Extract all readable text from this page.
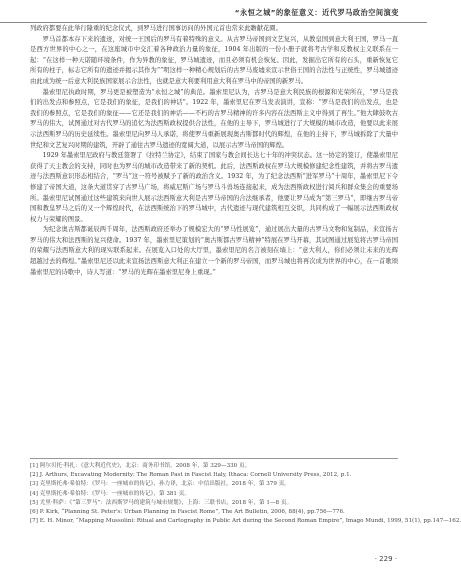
“永恒之城”的象征意义：近代罗马政治空间演变

列政府都要在此举行隆重的纪念仪式，到罗马进行国事访问的外国元首也常来此瞻献花圈。

罗马首都本存下来的遗迹，对统一王国后的罗马有着特殊的意义。从古罗马帝国到文艺复兴，从教皇国到意大利王国，罗马一直是西方世界的中心之一，在这座城市中交汇着各种政治力量的象征，1904 年出版的一份小册子就将考古学和反教权主义联系在一起：“在这样一种天诺随环境条件，作为异教的象征，罗马城遗迹，而且必须有机会恢复。因此，发掘出它所有的石头，重新恢复它所有的柱子，标志它所有的遗迹并揭示其作为“”明这样一种精心规划后的古罗马废墟来宣示世俗王国的合法性与正统性，罗马城遗迹由此成为统一后意大利民族国家展示合法性，也就是意大利要利用意大利在罗马中的帝国的新罗马。

墨索里尼执政时期，罗马更是被塑造为“永恒之城”的典范。墨索里尼认为，古罗马是意大利民族的根源和光荣所在，“罗马是我们的出发点和参照点，它是我们的象征，是我们的神话”。1922 年，墨索里尼在罗马发表演讲，宣称：“罗马是我们的出发点，也是我们的参照点，它是我们的象征——它还是我们的神话——不朽的古罗马精神的许多内容在法西斯主义中得到了再生。”他大肆鼓吹古罗马的伟大，试图通过对古代罗马的追忆为法西斯政权提供合法性，在他的主导下，罗马城进行了大规模的城市改造，他要以此来展示法西斯罗马的历史延续性。墨索里尼向罗马人承诺，将使罗马重新展现奥古斯都时代的辉煌，在他的主持下，罗马城拆除了大量中世纪和文艺复兴时期的建筑，开辟了通往古罗马遗迹的宽阔大道，以展示古罗马帝国的辉煌。

1929 年墨索里尼政府与教廷签署了《拉特兰协定》，结束了国家与教会间长达七十年的冲突状态。这一协定的签订，使墨索里尼获得了天主教会的支持，同时也为罗马的城市改造带来了新的契机。此后，法西斯政权在罗马大规模修建纪念性建筑，并将古罗马遗迹与法西斯意识形态相结合，“罗马”这一符号被赋予了新的政治含义。1932 年，为了纪念法西斯“进军罗马”十周年，墨索里尼下令修建了帝国大道，这条大道贯穿了古罗马广场，将威尼斯广场与罗马斗兽场连接起来，成为法西斯政权进行阅兵和群众集会的重要场所。墨索里尼试图通过这些建筑来向世人展示法西斯意大利是古罗马帝国的合法继承者，他要让罗马成为“第三罗马”，即继古罗马帝国和教皇罗马之后的又一个辉煌时代，在法西斯统治下的罗马城中，古代遗迹与现代建筑相互交织，共同构成了一幅展示法西斯政权权力与荣耀的图景。

为纪念奥古斯都诞辰两千周年，法西斯政府还举办了规模宏大的“罗马性展览”，通过展出大量的古罗马文物和复制品，来宣扬古罗马的伟大和法西斯的复兴使命。1937 年，墨索里尼策划的“奥古斯都古罗马精神”特展在罗马开幕，其试图通过展览将古罗马帝国的荣耀与法西斯意大利的现实联系起来。在展览入口处的大厅里，墨索里尼的名言被刻在墙上：“意大利人，你们必须让未来的光辉超越过去的辉煌。”墨索里尼还以此来宣扬法西斯意大利正在建立一个新的罗马帝国，而罗马城也将再次成为世界的中心，在一首歌颂墨索里尼的诗歌中，诗人写道：“罗马的光辉在墨索里尼身上重现。”

[1] 阿尔贝托·科扎：《意大利近代史》，北京：商务印书馆，2008 年，第 329—330 页。
[2] J. Arthurs, Excavating Modernity: The Roman Past in Fascist Italy, Ithaca: Cornell University Press, 2012, p.1.
[3] 克里斯托弗·希伯特：《罗马：一座城市的传记》，孙力译，北京：中信出版社，2018 年，第 379 页。
[4] 克里斯托弗·希伯特：《罗马：一座城市的传记》，第 381 页。
[5] 尤里·科萨：《“第三罗马”：法西斯罗马的建筑与城市规划》，上海：三联书店，2018 年，第 1—8 页。
[6] P. Kirk, “Planning St. Peter's: Urban Planning in Fascist Rome”, The Art Bulletin, 2006, 88(4), pp.756—776.
[7] E. H. Minor, “Mapping Mussolini: Ritual and Cartography in Public Art during the Second Roman Empire”, Imago Mundi, 1999, 51(1), pp.147—162.
· 229 ·
